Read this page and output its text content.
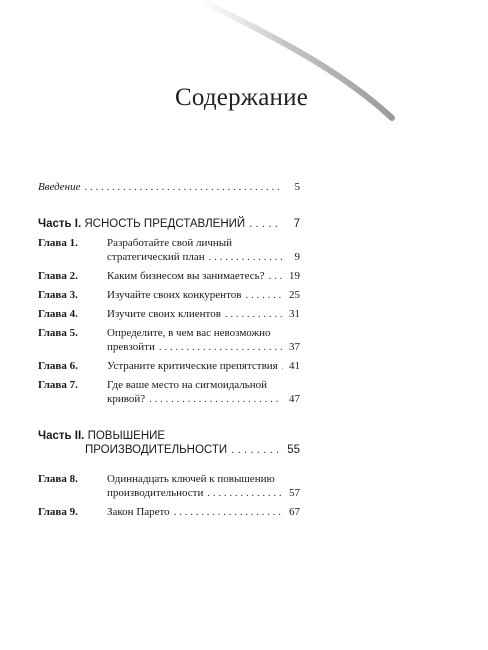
Содержание
Введение . . .	5
Часть I. ЯСНОСТЬ ПРЕДСТАВЛЕНИЙ . . .	7
Глава 1.	Разработайте свой личный
стратегический план . . .	9
Глава 2.	Каким бизнесом вы занимаетесь? . . . 19
Глава 3.	Изучайте своих конкурентов . . .	25
Глава 4.	Изучите своих клиентов . . .	31
Глава 5.	Определите, в чем вас невозможно
превзойти . . .	37
Глава 6.	Устраните критические препятствия . . . 41
Глава 7.	Где ваше место на сигмоидальной
кривой? . . .	47
Часть II. ПОВЫШЕНИЕ
ПРОИЗВОДИТЕЛЬНОСТИ . . .	55
Глава 8.	Одиннадцать ключей к повышению
производительности . . .	57
Глава 9.	Закон Парето . . .	67
